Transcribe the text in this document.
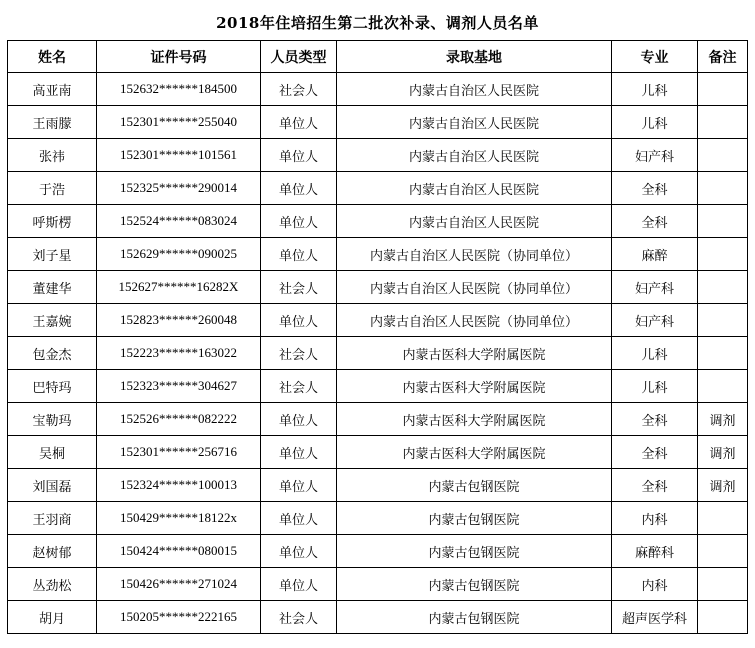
2018年住培招生第二批次补录、调剂人员名单
姓名	证件号码	人员类型	录取基地	专业	备注
高亚南	152632******184500	社会人	内蒙古自治区人民医院	儿科	
王雨朦	152301******255040	单位人	内蒙古自治区人民医院	儿科	
张祎	152301******101561	单位人	内蒙古自治区人民医院	妇产科	
于浩	152325******290014	单位人	内蒙古自治区人民医院	全科	
呼斯楞	152524******083024	单位人	内蒙古自治区人民医院	全科	
刘子星	152629******090025	单位人	内蒙古自治区人民医院（协同单位）	麻醉	
董建华	152627******16282X	社会人	内蒙古自治区人民医院（协同单位）	妇产科	
王嘉婉	152823******260048	单位人	内蒙古自治区人民医院（协同单位）	妇产科	
包金杰	152223******163022	社会人	内蒙古医科大学附属医院	儿科	
巴特玛	152323******304627	社会人	内蒙古医科大学附属医院	儿科	
宝勒玛	152526******082222	单位人	内蒙古医科大学附属医院	全科	调剂
吴桐	152301******256716	单位人	内蒙古医科大学附属医院	全科	调剂
刘国磊	152324******100013	单位人	内蒙古包钢医院	全科	调剂
王羽商	150429******18122x	单位人	内蒙古包钢医院	内科	
赵树郁	150424******080015	单位人	内蒙古包钢医院	麻醉科	
丛劲松	150426******271024	单位人	内蒙古包钢医院	内科	
胡月	150205******222165	社会人	内蒙古包钢医院	超声医学科	
